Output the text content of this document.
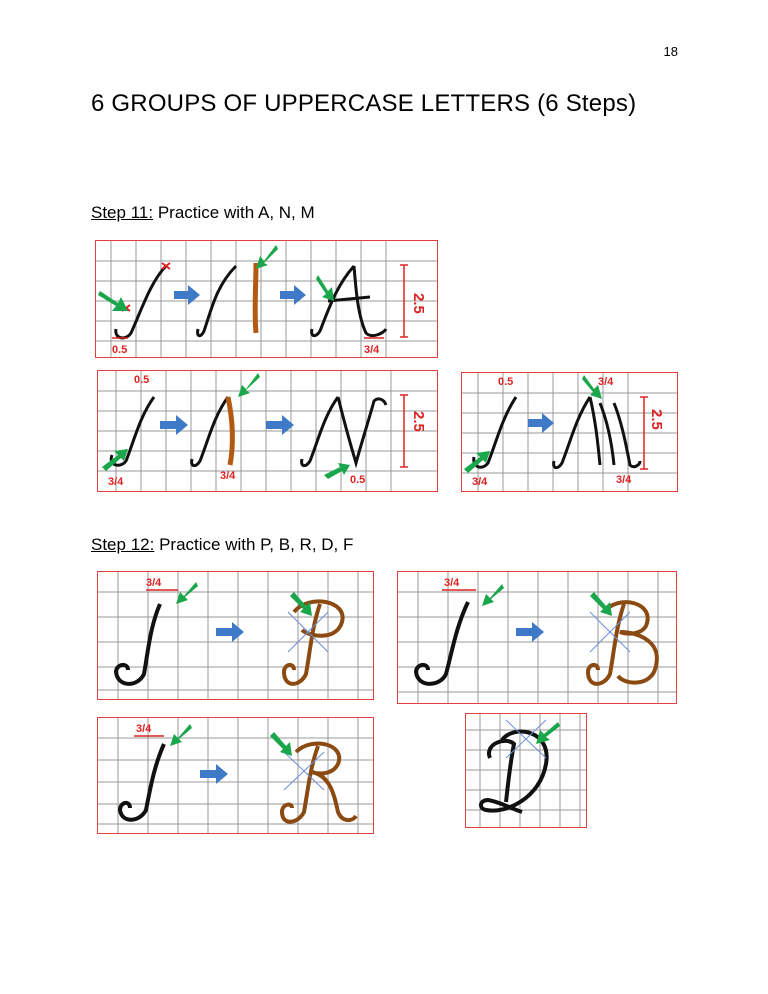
18
6 GROUPS OF UPPERCASE LETTERS (6 Steps)
Step 11: Practice with A, N, M
2.5
0.5	3/4
2.5
0.5
3/4	3/4	0.5
2.5
0.5	3/4
3/4	3/4
Step 12: Practice with P, B, R, D, F
3/4	3/4
3/4
